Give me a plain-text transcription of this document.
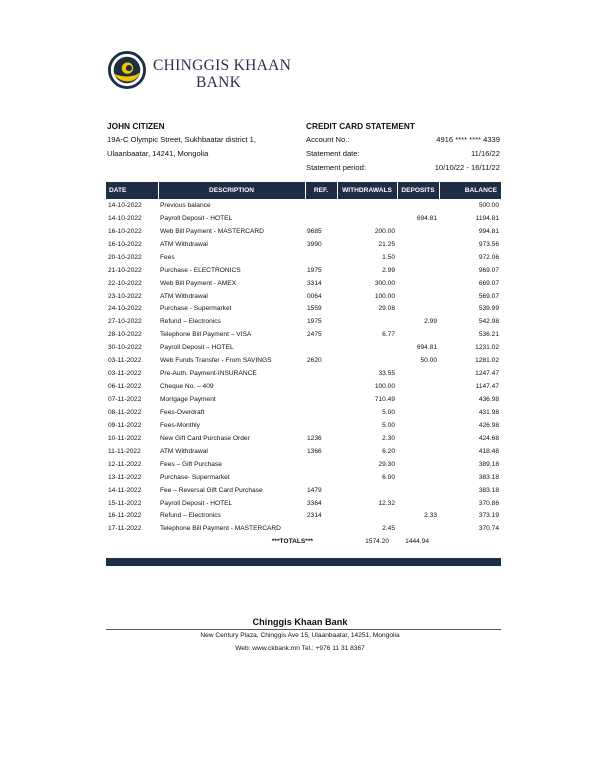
CHINGGIS KHAAN
BANK
JOHN CITIZEN
19A-C Olympic Street, Sukhbaatar district 1,
Ulaanbaatar, 14241, Mongolia
CREDIT CARD STATEMENT
Account No.:	4916 **** **** 4339
Statement date:	11/16/22
Statement period:	10/10/22 - 16/11/22
DATE	DESCRIPTION	REF.	WITHDRAWALS	DEPOSITS	BALANCE
14-10-2022	Previous balance				500.00
14-10-2022	Payroll Deposit - HOTEL			694.81	1194.81
16-10-2022	Web Bill Payment - MASTERCARD	9685	200.00		994.81
16-10-2022	ATM Withdrawal	3990	21.25		973.56
20-10-2022	Fees		1.50		972.06
21-10-2022	Purchase - ELECTRONICS	1975	2.99		969.07
22-10-2022	Web Bill Payment - AMEX	3314	300.00		669.07
23-10-2022	ATM Withdrawal	0064	100.00		569.07
24-10-2022	Purchase - Supermarket	1559	29.08		539.99
27-10-2022	Refund – Electronics	1975		2.99	542.98
28-10-2022	Telephone Bill Payment – VISA	2475	6.77		536.21
30-10-2022	Payroll Deposit – HOTEL			694.81	1231.02
03-11-2022	Web Funds Transfer - From SAVINGS	2620		50.00	1281.02
03-11-2022	Pre-Auth. Payment-INSURANCE		33.55		1247.47
06-11-2022	Cheque No. – 409		100.00		1147.47
07-11-2022	Mortgage Payment		710.49		436.98
08-11-2022	Fees-Overdraft		5.00		431.98
09-11-2022	Fees-Monthly		5.00		426.98
10-11-2022	New Gift Card Purchase Order	1236	2.30		424.68
11-11-2022	ATM Withdrawal	1366	6.20		418.48
12-11-2022	Fees – Gift Purchase		29.30		389.18
13-11-2022	Purchase- Supermarket		6.00		383.18
14-11-2022	Fee – Reversal Gift Card Purchase	1479			383.18
15-11-2022	Payroll Deposit - HOTEL	3364	12.32		370.86
16-11-2022	Refund – Electronics	2314		2.33	373.19
17-11-2022	Telephone Bill Payment - MASTERCARD		2.45		370.74
***TOTALS***			1574.20	1444.94	
Chinggis Khaan Bank
New Century Plaza, Chinggis Ave 15, Ulaanbaatar, 14251, Mongolia
Web: www.ckbank.mn Tel.: +976 11 31 8367
